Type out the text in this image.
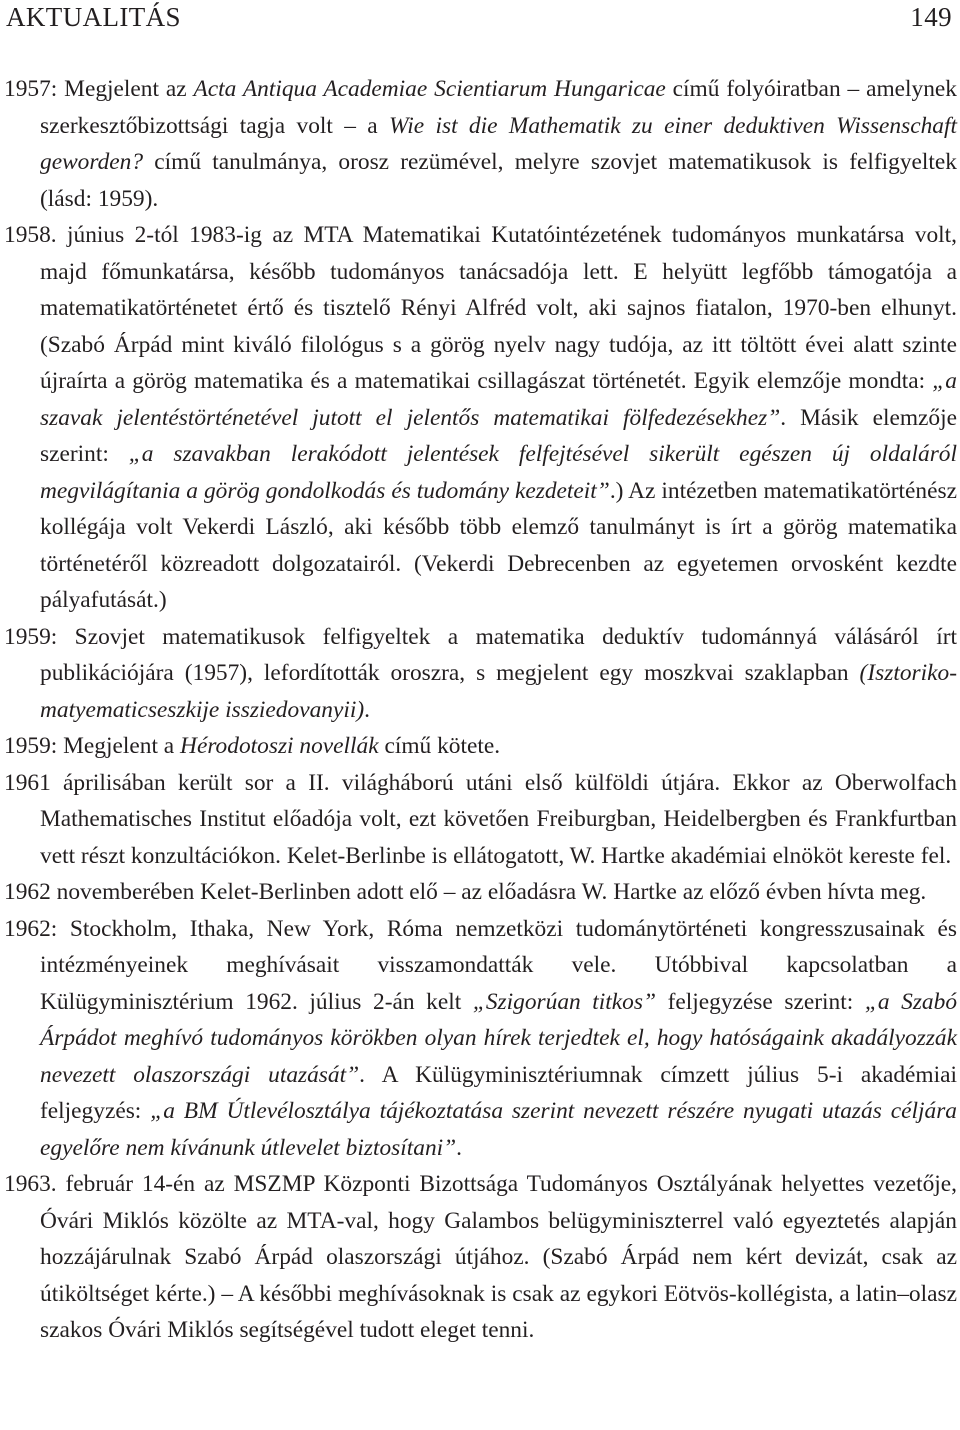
AKTUALITÁS	149

1957: Megjelent az Acta Antiqua Academiae Scientiarum Hungaricae című folyóiratban – amelynek szerkesztőbizottsági tagja volt – a Wie ist die Mathematik zu einer deduktiven Wissenschaft geworden? című tanulmánya, orosz rezümével, melyre szovjet matematikusok is felfigyeltek (lásd: 1959).

1958. június 2-tól 1983-ig az MTA Matematikai Kutatóintézetének tudományos munkatársa volt, majd főmunkatársa, később tudományos tanácsadója lett. E helyütt legfőbb támogatója a matematikatörténetet értő és tisztelő Rényi Alfréd volt, aki sajnos fiatalon, 1970-ben elhunyt. (Szabó Árpád mint kiváló filológus s a görög nyelv nagy tudója, az itt töltött évei alatt szinte újraírta a görög matematika és a matematikai csillagászat történetét. Egyik elemzője mondta: „a szavak jelentéstörténetével jutott el jelentős matematikai fölfedezésekhez”. Másik elemzője szerint: „a szavakban lerakódott jelentések felfejtésével sikerült egészen új oldaláról megvilágítania a görög gondolkodás és tudomány kezdeteit”.) Az intézetben matematikatörténész kollégája volt Vekerdi László, aki később több elemző tanulmányt is írt a görög matematika történetéről közreadott dolgozatairól. (Vekerdi Debrecenben az egyetemen orvosként kezdte pályafutását.)

1959: Szovjet matematikusok felfigyeltek a matematika deduktív tudománnyá válásáról írt publikációjára (1957), lefordították oroszra, s megjelent egy moszkvai szaklapban (Isztoriko-matyematicseszkije issziedovanyii).

1959: Megjelent a Hérodotoszi novellák című kötete.

1961 áprilisában került sor a II. világháború utáni első külföldi útjára. Ekkor az Oberwolfach Mathematisches Institut előadója volt, ezt követően Freiburgban, Heidelbergben és Frankfurtban vett részt konzultációkon. Kelet-Berlinbe is ellátogatott, W. Hartke akadémiai elnököt kereste fel.

1962 novemberében Kelet-Berlinben adott elő – az előadásra W. Hartke az előző évben hívta meg.

1962: Stockholm, Ithaka, New York, Róma nemzetközi tudománytörténeti kongresszusainak és intézményeinek meghívásait visszamondatták vele. Utóbbival kapcsolatban a Külügyminisztérium 1962. július 2-án kelt „Szigorúan titkos” feljegyzése szerint: „a Szabó Árpádot meghívó tudományos körökben olyan hírek terjedtek el, hogy hatóságaink akadályozzák nevezett olaszországi utazását”. A Külügyminisztériumnak címzett július 5-i akadémiai feljegyzés: „a BM Útlevélosztálya tájékoztatása szerint nevezett részére nyugati utazás céljára egyelőre nem kívánunk útlevelet biztosítani”.

1963. február 14-én az MSZMP Központi Bizottsága Tudományos Osztályának helyettes vezetője, Óvári Miklós közölte az MTA-val, hogy Galambos belügyminiszterrel való egyeztetés alapján hozzájárulnak Szabó Árpád olaszországi útjához. (Szabó Árpád nem kért devizát, csak az útiköltséget kérte.) – A későbbi meghívásoknak is csak az egykori Eötvös-kollégista, a latin–olasz szakos Óvári Miklós segítségével tudott eleget tenni.
